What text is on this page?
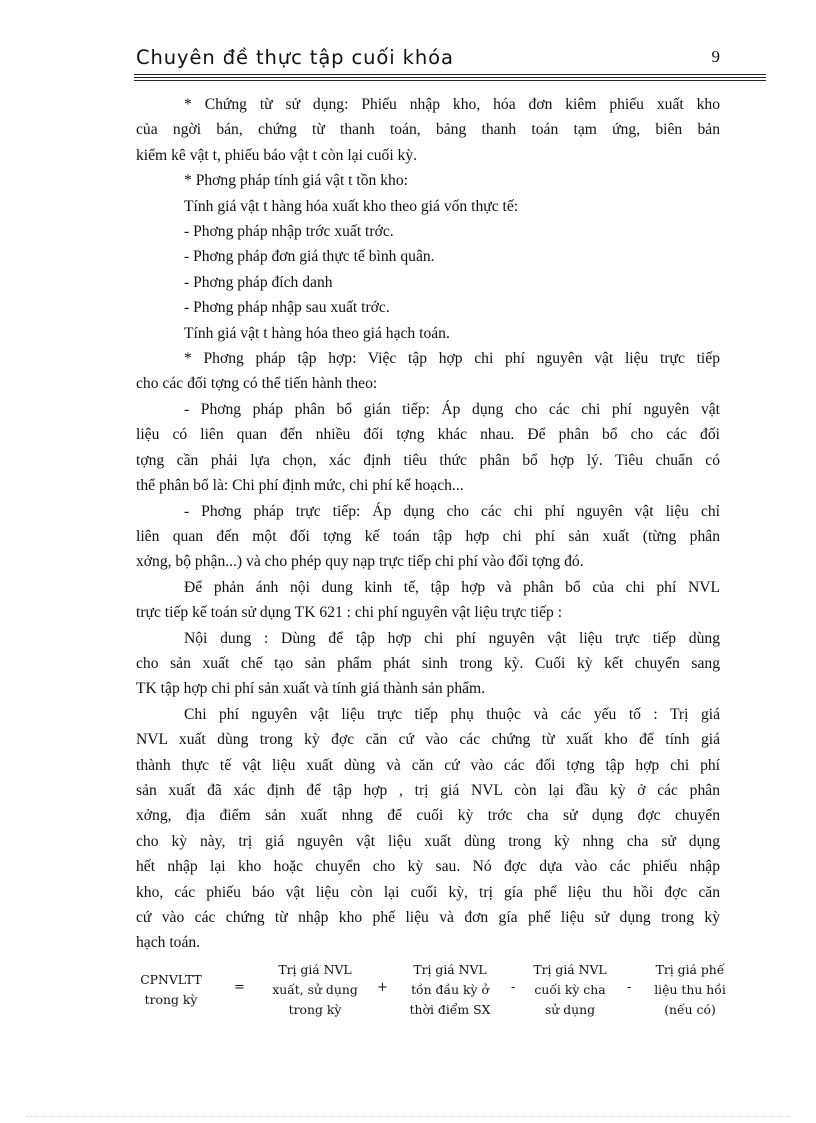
Chuyên đề thực tập cuối khóa	9

* Chứng từ sử dụng: Phiếu nhập kho, hóa đơn kiêm phiếu xuất kho

của ngời bán, chứng từ thanh toán, bảng thanh toán tạm ứng, biên bản

kiểm kê vật t, phiếu báo vật t còn lại cuối kỳ.

* Phơng pháp tính giá vật t tồn kho:

Tính giá vật t hàng hóa xuất kho theo giá vốn thực tế:

- Phơng pháp nhập trớc xuất trớc.

- Phơng pháp đơn giá thực tế bình quân.

- Phơng pháp đích danh

- Phơng pháp nhập sau xuất trớc.

Tính giá vật t hàng hóa theo giá hạch toán.

* Phơng pháp tập hợp: Việc tập hợp chi phí nguyên vật liệu trực tiếp

cho các đối tợng có thể tiến hành theo:

- Phơng pháp phân bổ gián tiếp: Áp dụng cho các chi phí nguyên vật

liệu có liên quan đến nhiều đối tợng khác nhau. Để phân bổ cho các đối

tợng cần phải lựa chọn, xác định tiêu thức phân bổ hợp lý. Tiêu chuẩn có

thể phân bổ là: Chi phí định mức, chi phí kế hoạch...

- Phơng pháp trực tiếp: Áp dụng cho các chi phí nguyên vật liệu chỉ

liên quan đến một đối tợng kế toán tập hợp chi phí sản xuất (từng phân

xởng, bộ phận...) và cho phép quy nạp trực tiếp chi phí vào đối tợng đó.

Để phản ánh nội dung kinh tế, tập hợp và phân bổ của chi phí NVL

trực tiếp kế toán sử dụng TK 621 : chi phí nguyên vật liệu trực tiếp :

Nội dung : Dùng để tập hợp chi phí nguyên vật liệu trực tiếp dùng

cho sản xuất chế tạo sản phẩm phát sinh trong kỳ. Cuối kỳ kết chuyển sang

TK tập hợp chi phí sản xuất và tính giá thành sản phẩm.

Chi phí nguyên vật liệu trực tiếp phụ thuộc và các yếu tố : Trị giá

NVL xuất dùng trong kỳ đợc căn cứ vào các chứng từ xuất kho để tính giá

thành thực tế vật liệu xuất dùng và căn cứ vào các đối tợng tập hợp chi phí

sản xuất đã xác định để tập hợp , trị giá NVL còn lại đầu kỳ ở các phân

xởng, địa điểm sản xuất nhng để cuối kỳ trớc cha sử dụng đợc chuyển

cho kỳ này, trị giá nguyên vật liệu xuất dùng trong kỳ nhng cha sử dụng

hết nhập lại kho hoặc chuyển cho kỳ sau. Nó đợc dựa vào các phiếu nhập

kho, các phiếu báo vật liệu còn lại cuối kỳ, trị gía phế liệu thu hồi đợc căn

cứ vào các chứng từ nhập kho phế liệu và đơn gía phế liệu sử dụng trong kỳ

hạch toán.

CPNVLTT
trong kỳ
=
Trị giá NVL
xuất, sử dụng
trong kỳ
+
Trị giá NVL
tồn đầu kỳ ở
thời điểm SX
-
Trị giá NVL
cuối kỳ cha
sử dụng
-
Trị giá phế
liệu thu hồi
(nếu có)
